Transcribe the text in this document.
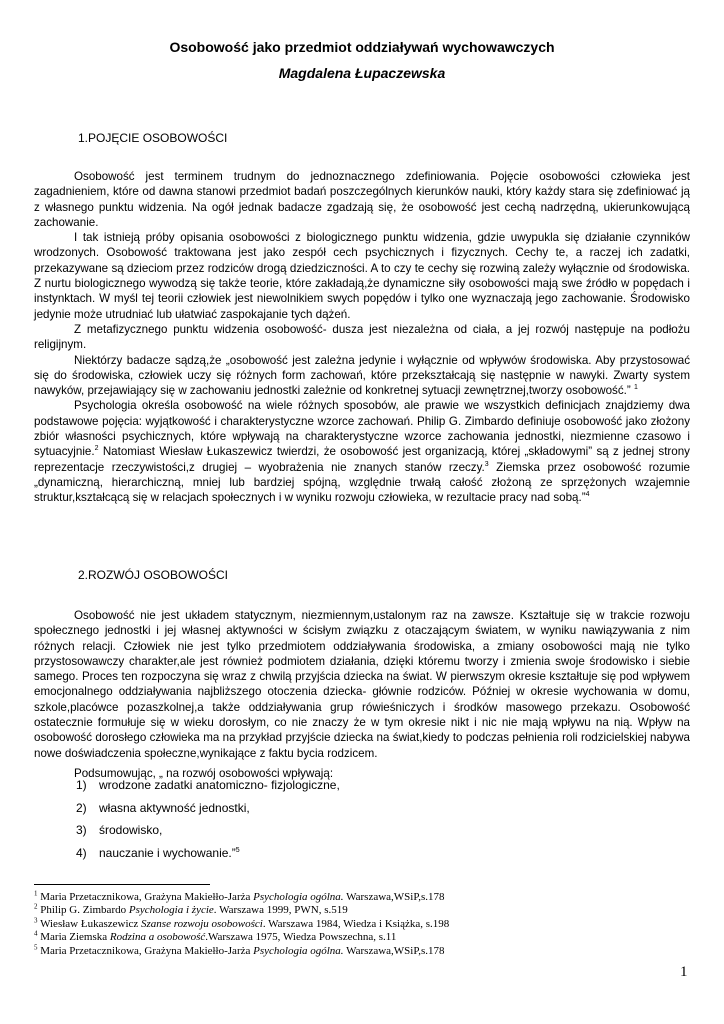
Osobowość jako przedmiot oddziaływań wychowawczych
Magdalena Łupaczewska
1.POJĘCIE OSOBOWOŚCI

Osobowość jest terminem trudnym do jednoznacznego zdefiniowania. Pojęcie osobowości człowieka jest zagadnieniem, które od dawna stanowi przedmiot badań poszczególnych kierunków nauki, który każdy stara się zdefiniować ją z własnego punktu widzenia. Na ogół jednak badacze zgadzają się, że osobowość jest cechą nadrzędną, ukierunkowującą zachowanie.

I tak istnieją próby opisania osobowości z biologicznego punktu widzenia, gdzie uwypukla się działanie czynników wrodzonych. Osobowość traktowana jest jako zespół cech psychicznych i fizycznych. Cechy te, a raczej ich zadatki, przekazywane są dzieciom przez rodziców drogą dziedziczności. A to czy te cechy się rozwiną zależy wyłącznie od środowiska. Z nurtu biologicznego wywodzą się także teorie, które zakładają,że dynamiczne siły osobowości mają swe źródło w popędach i instynktach. W myśl tej teorii człowiek jest niewolnikiem swych popędów i tylko one wyznaczają jego zachowanie. Środowisko jedynie może utrudniać lub ułatwiać zaspokajanie tych dążeń.

Z metafizycznego punktu widzenia osobowość- dusza jest niezależna od ciała, a jej rozwój następuje na podłożu religijnym.

Niektórzy badacze sądzą,że „osobowość jest zależna jedynie i wyłącznie od wpływów środowiska. Aby przystosować się do środowiska, człowiek uczy się różnych form zachowań, które przekształcają się następnie w nawyki. Zwarty system nawyków, przejawiający się w zachowaniu jednostki zależnie od konkretnej sytuacji zewnętrznej,tworzy osobowość.” $^1$

Psychologia określa osobowość na wiele różnych sposobów, ale prawie we wszystkich definicjach znajdziemy dwa podstawowe pojęcia: wyjątkowość i charakterystyczne wzorce zachowań. Philip G. Zimbardo definiuje osobowość jako złożony zbiór własności psychicznych, które wpływają na charakterystyczne wzorce zachowania jednostki, niezmienne czasowo i sytuacyjnie.$^2$ Natomiast Wiesław Łukaszewicz twierdzi, że osobowość jest organizacją, której „składowymi” są z jednej strony reprezentacje rzeczywistości,z drugiej – wyobrażenia nie znanych stanów rzeczy.$^3$ Ziemska przez osobowość rozumie „dynamiczną, hierarchiczną, mniej lub bardziej spójną, względnie trwałą całość złożoną ze sprzężonych wzajemnie struktur,kształcącą się w relacjach społecznych i w wyniku rozwoju człowieka, w rezultacie pracy nad sobą.”$^4$

2.ROZWÓJ OSOBOWOŚCI

Osobowość nie jest układem statycznym, niezmiennym,ustalonym raz na zawsze. Kształtuje się w trakcie rozwoju społecznego jednostki i jej własnej aktywności w ścisłym związku z otaczającym światem, w wyniku nawiązywania z nim różnych relacji. Człowiek nie jest tylko przedmiotem oddziaływania środowiska, a zmiany osobowości mają nie tylko przystosowawczy charakter,ale jest również podmiotem działania, dzięki któremu tworzy i zmienia swoje środowisko i siebie samego. Proces ten rozpoczyna się wraz z chwilą przyjścia dziecka na świat. W pierwszym okresie kształtuje się pod wpływem emocjonalnego oddziaływania najbliższego otoczenia dziecka- głównie rodziców. Później w okresie wychowania w domu, szkole,placówce pozaszkolnej,a także oddziaływania grup rówieśniczych i środków masowego przekazu. Osobowość ostatecznie formułuje się w wieku dorosłym, co nie znaczy że w tym okresie nikt i nic nie mają wpływu na nią. Wpływ na osobowość dorosłego człowieka ma na przykład przyjście dziecka na świat,kiedy to podczas pełnienia roli rodzicielskiej nabywa nowe doświadczenia społeczne,wynikające z faktu bycia rodzicem.

Podsumowując, „ na rozwój osobowości wpływają:

1) wrodzone zadatki anatomiczno- fizjologiczne,
2) własna aktywność jednostki,
3) środowisko,
4) nauczanie i wychowanie.”$^5$
$^1$ Maria Przetacznikowa, Grażyna Makiełło-Jarża Psychologia ogólna. Warszawa,WSiP,s.178
$^2$ Philip G. Zimbardo Psychologia i życie. Warszawa 1999, PWN, s.519
$^3$ Wiesław Łukaszewicz Szanse rozwoju osobowości. Warszawa 1984, Wiedza i Książka, s.198
$^4$ Maria Ziemska Rodzina a osobowość.Warszawa 1975, Wiedza Powszechna, s.11
$^5$ Maria Przetacznikowa, Grażyna Makiełło-Jarża Psychologia ogólna. Warszawa,WSiP,s.178
1
